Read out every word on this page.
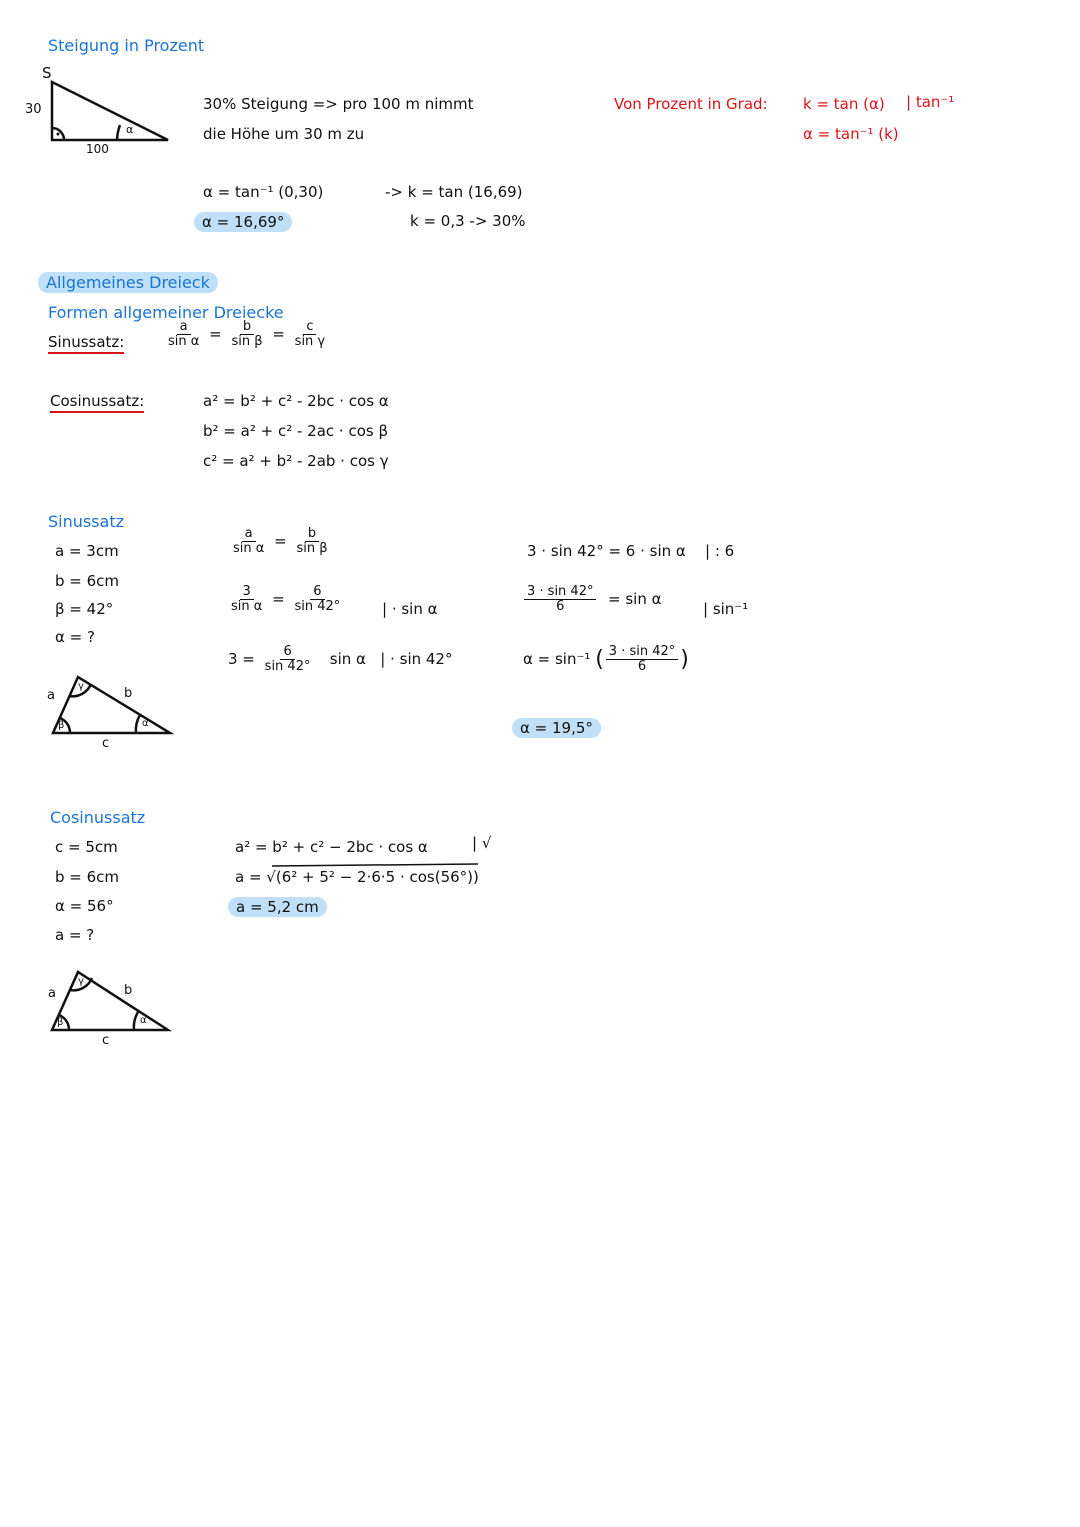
Steigung in Prozent
S
30
100
α
30% Steigung => pro 100 m nimmt
die Höhe um 30 m zu
α = tan⁻¹ (0,30)
α = 16,69°
-> k = tan (16,69)
k = 0,3 -> 30%
Von Prozent in Grad: k = tan (α) | tan⁻¹
α = tan⁻¹ (k)
Allgemeines Dreieck
Formen allgemeiner Dreiecke
Sinussatz:	$\frac{a}{\text{sin α}} = \frac{b}{\text{sin β}} = \frac{c}{\text{sin γ}}$
Cosinussatz:	a² = b² + c² - 2bc · cos α
b² = a² + c² - 2ac · cos β
c² = a² + b² - 2ab · cos γ
Sinussatz
a = 3cm
b = 6cm
β = 42°
α = ?
a	b
c
α
β
γ
$\frac{a}{\text{sin α}} = \frac{b}{\text{sin β}}$
$\frac{3}{\text{sin α}} = \frac{6}{\sin 42^\circ}$	| · sin α
$3 = \frac{6}{\sin 42^\circ}$ sin α | · sin 42°
3 · sin 42° = 6 · sin α | : 6
$\frac{3 \cdot \sin 42^\circ}{6} = \sin \alpha$
| sin⁻¹
α = sin⁻¹ ( $\frac{3 \cdot \sin 42^\circ}{6}$ )
α = 19,5°
Cosinussatz
c = 5cm
b = 6cm
α = 56°
a = ?
a	b
c
α
β
γ
a² = b² + c² − 2bc · cos α	| √
a = √(6² + 5² − 2·6·5 · cos(56°))
a = 5,2 cm
